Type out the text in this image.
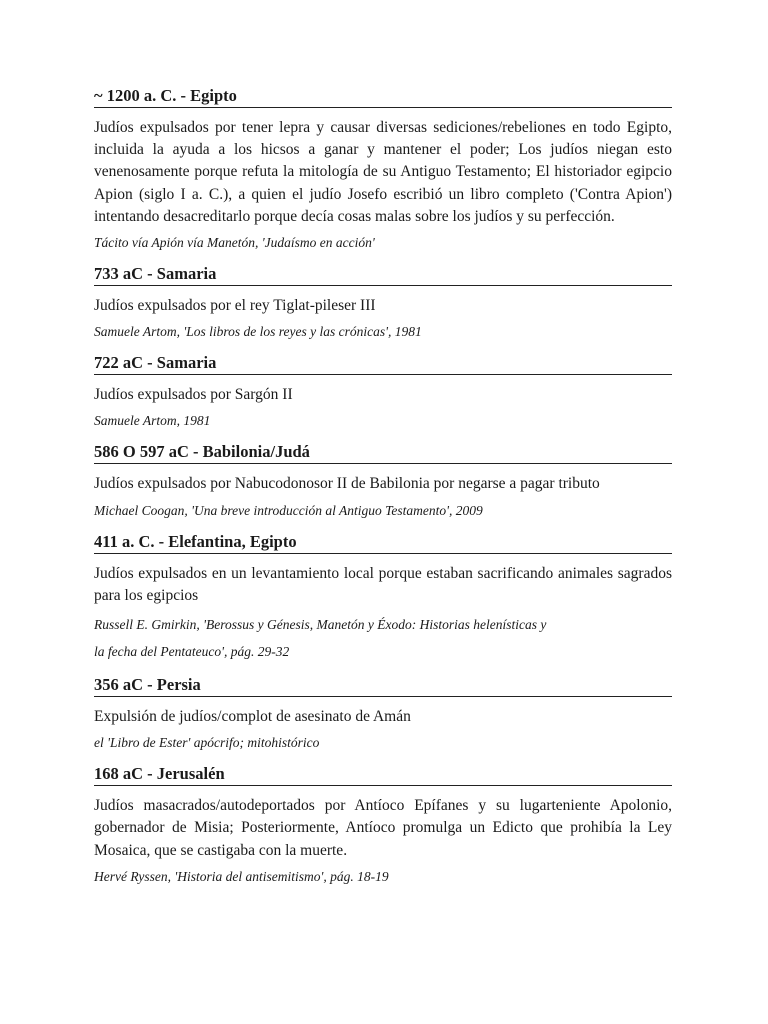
~ 1200 a. C. - Egipto

Judíos expulsados por tener lepra y causar diversas sediciones/rebeliones en todo Egipto, incluida la ayuda a los hicsos a ganar y mantener el poder; Los judíos niegan esto venenosamente porque refuta la mitología de su Antiguo Testamento; El historiador egipcio Apion (siglo I a. C.), a quien el judío Josefo escribió un libro completo ('Contra Apion') intentando desacreditarlo porque decía cosas malas sobre los judíos y su perfección.

Tácito vía Apión vía Manetón, 'Judaísmo en acción'

733 aC - Samaria

Judíos expulsados por el rey Tiglat-pileser III

Samuele Artom, 'Los libros de los reyes y las crónicas', 1981

722 aC - Samaria

Judíos expulsados por Sargón II

Samuele Artom, 1981

586 O 597 aC - Babilonia/Judá

Judíos expulsados por Nabucodonosor II de Babilonia por negarse a pagar tributo

Michael Coogan, 'Una breve introducción al Antiguo Testamento', 2009

411 a. C. - Elefantina, Egipto

Judíos expulsados en un levantamiento local porque estaban sacrificando animales sagrados para los egipcios

Russell E. Gmirkin, 'Berossus y Génesis, Manetón y Éxodo: Historias helenísticas y

la fecha del Pentateuco', pág. 29-32

356 aC - Persia

Expulsión de judíos/complot de asesinato de Amán

el 'Libro de Ester' apócrifo; mitohistórico

168 aC - Jerusalén

Judíos masacrados/autodeportados por Antíoco Epífanes y su lugarteniente Apolonio, gobernador de Misia; Posteriormente, Antíoco promulga un Edicto que prohibía la Ley Mosaica, que se castigaba con la muerte.

Hervé Ryssen, 'Historia del antisemitismo', pág. 18-19
